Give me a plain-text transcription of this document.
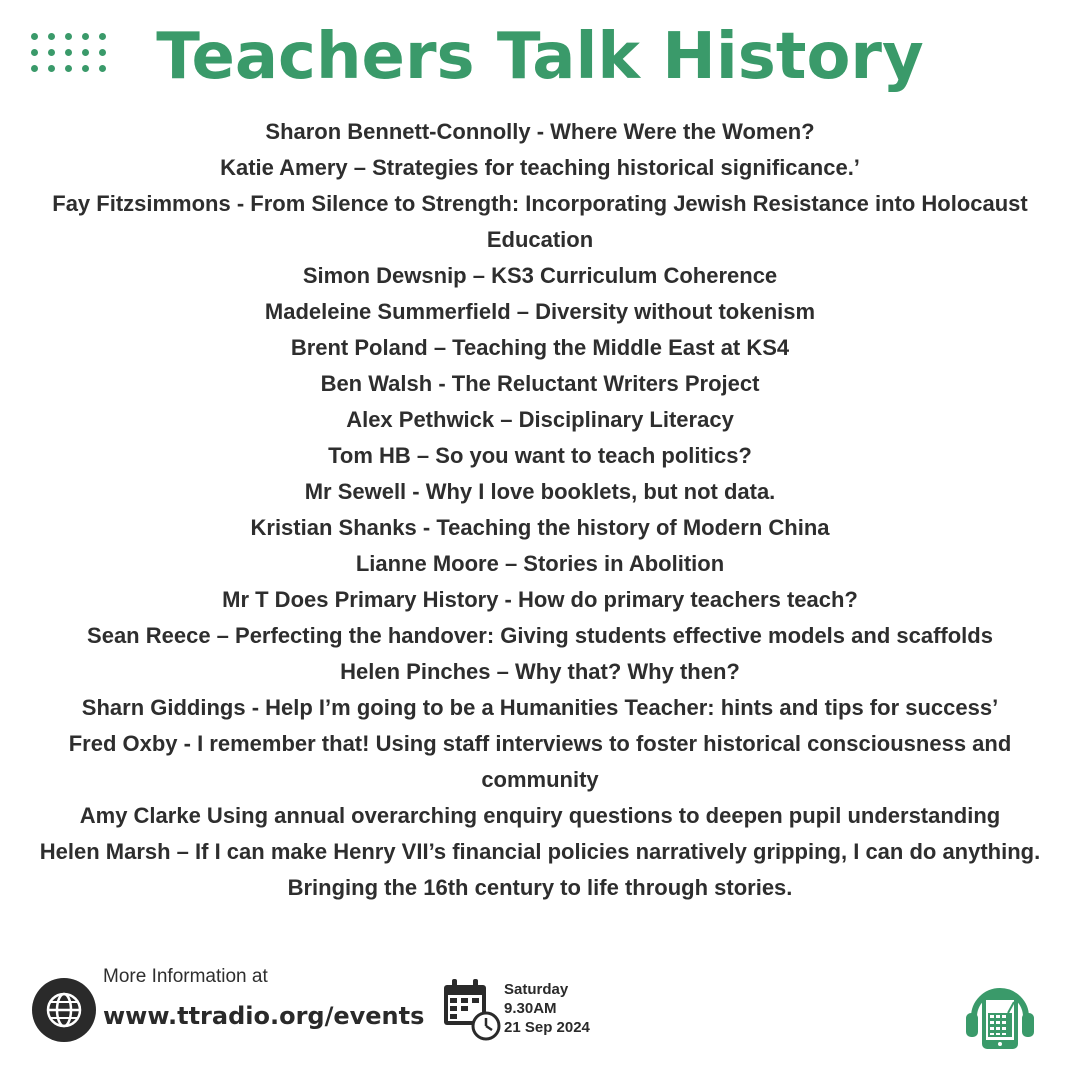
Teachers Talk History
Sharon Bennett-Connolly - Where Were the Women?
Katie Amery – Strategies for teaching historical significance.’
Fay Fitzsimmons - From Silence to Strength: Incorporating Jewish Resistance into Holocaust Education
Simon Dewsnip – KS3 Curriculum Coherence
Madeleine Summerfield – Diversity without tokenism
Brent Poland – Teaching the Middle East at KS4
Ben Walsh - The Reluctant Writers Project
Alex Pethwick – Disciplinary Literacy
Tom HB – So you want to teach politics?
Mr Sewell - Why I love booklets, but not data.
Kristian Shanks - Teaching the history of Modern China
Lianne Moore – Stories in Abolition
Mr T Does Primary History - How do primary teachers teach?
Sean Reece – Perfecting the handover: Giving students effective models and scaffolds
Helen Pinches – Why that? Why then?
Sharn Giddings - Help I’m going to be a Humanities Teacher: hints and tips for success’
Fred Oxby - I remember that! Using staff interviews to foster historical consciousness and community
Amy Clarke Using annual overarching enquiry questions to deepen pupil understanding
Helen Marsh – If I can make Henry VII’s financial policies narratively gripping, I can do anything. Bringing the 16th century to life through stories.
More Information at
www.ttradio.org/events
Saturday
9.30AM
21 Sep 2024
